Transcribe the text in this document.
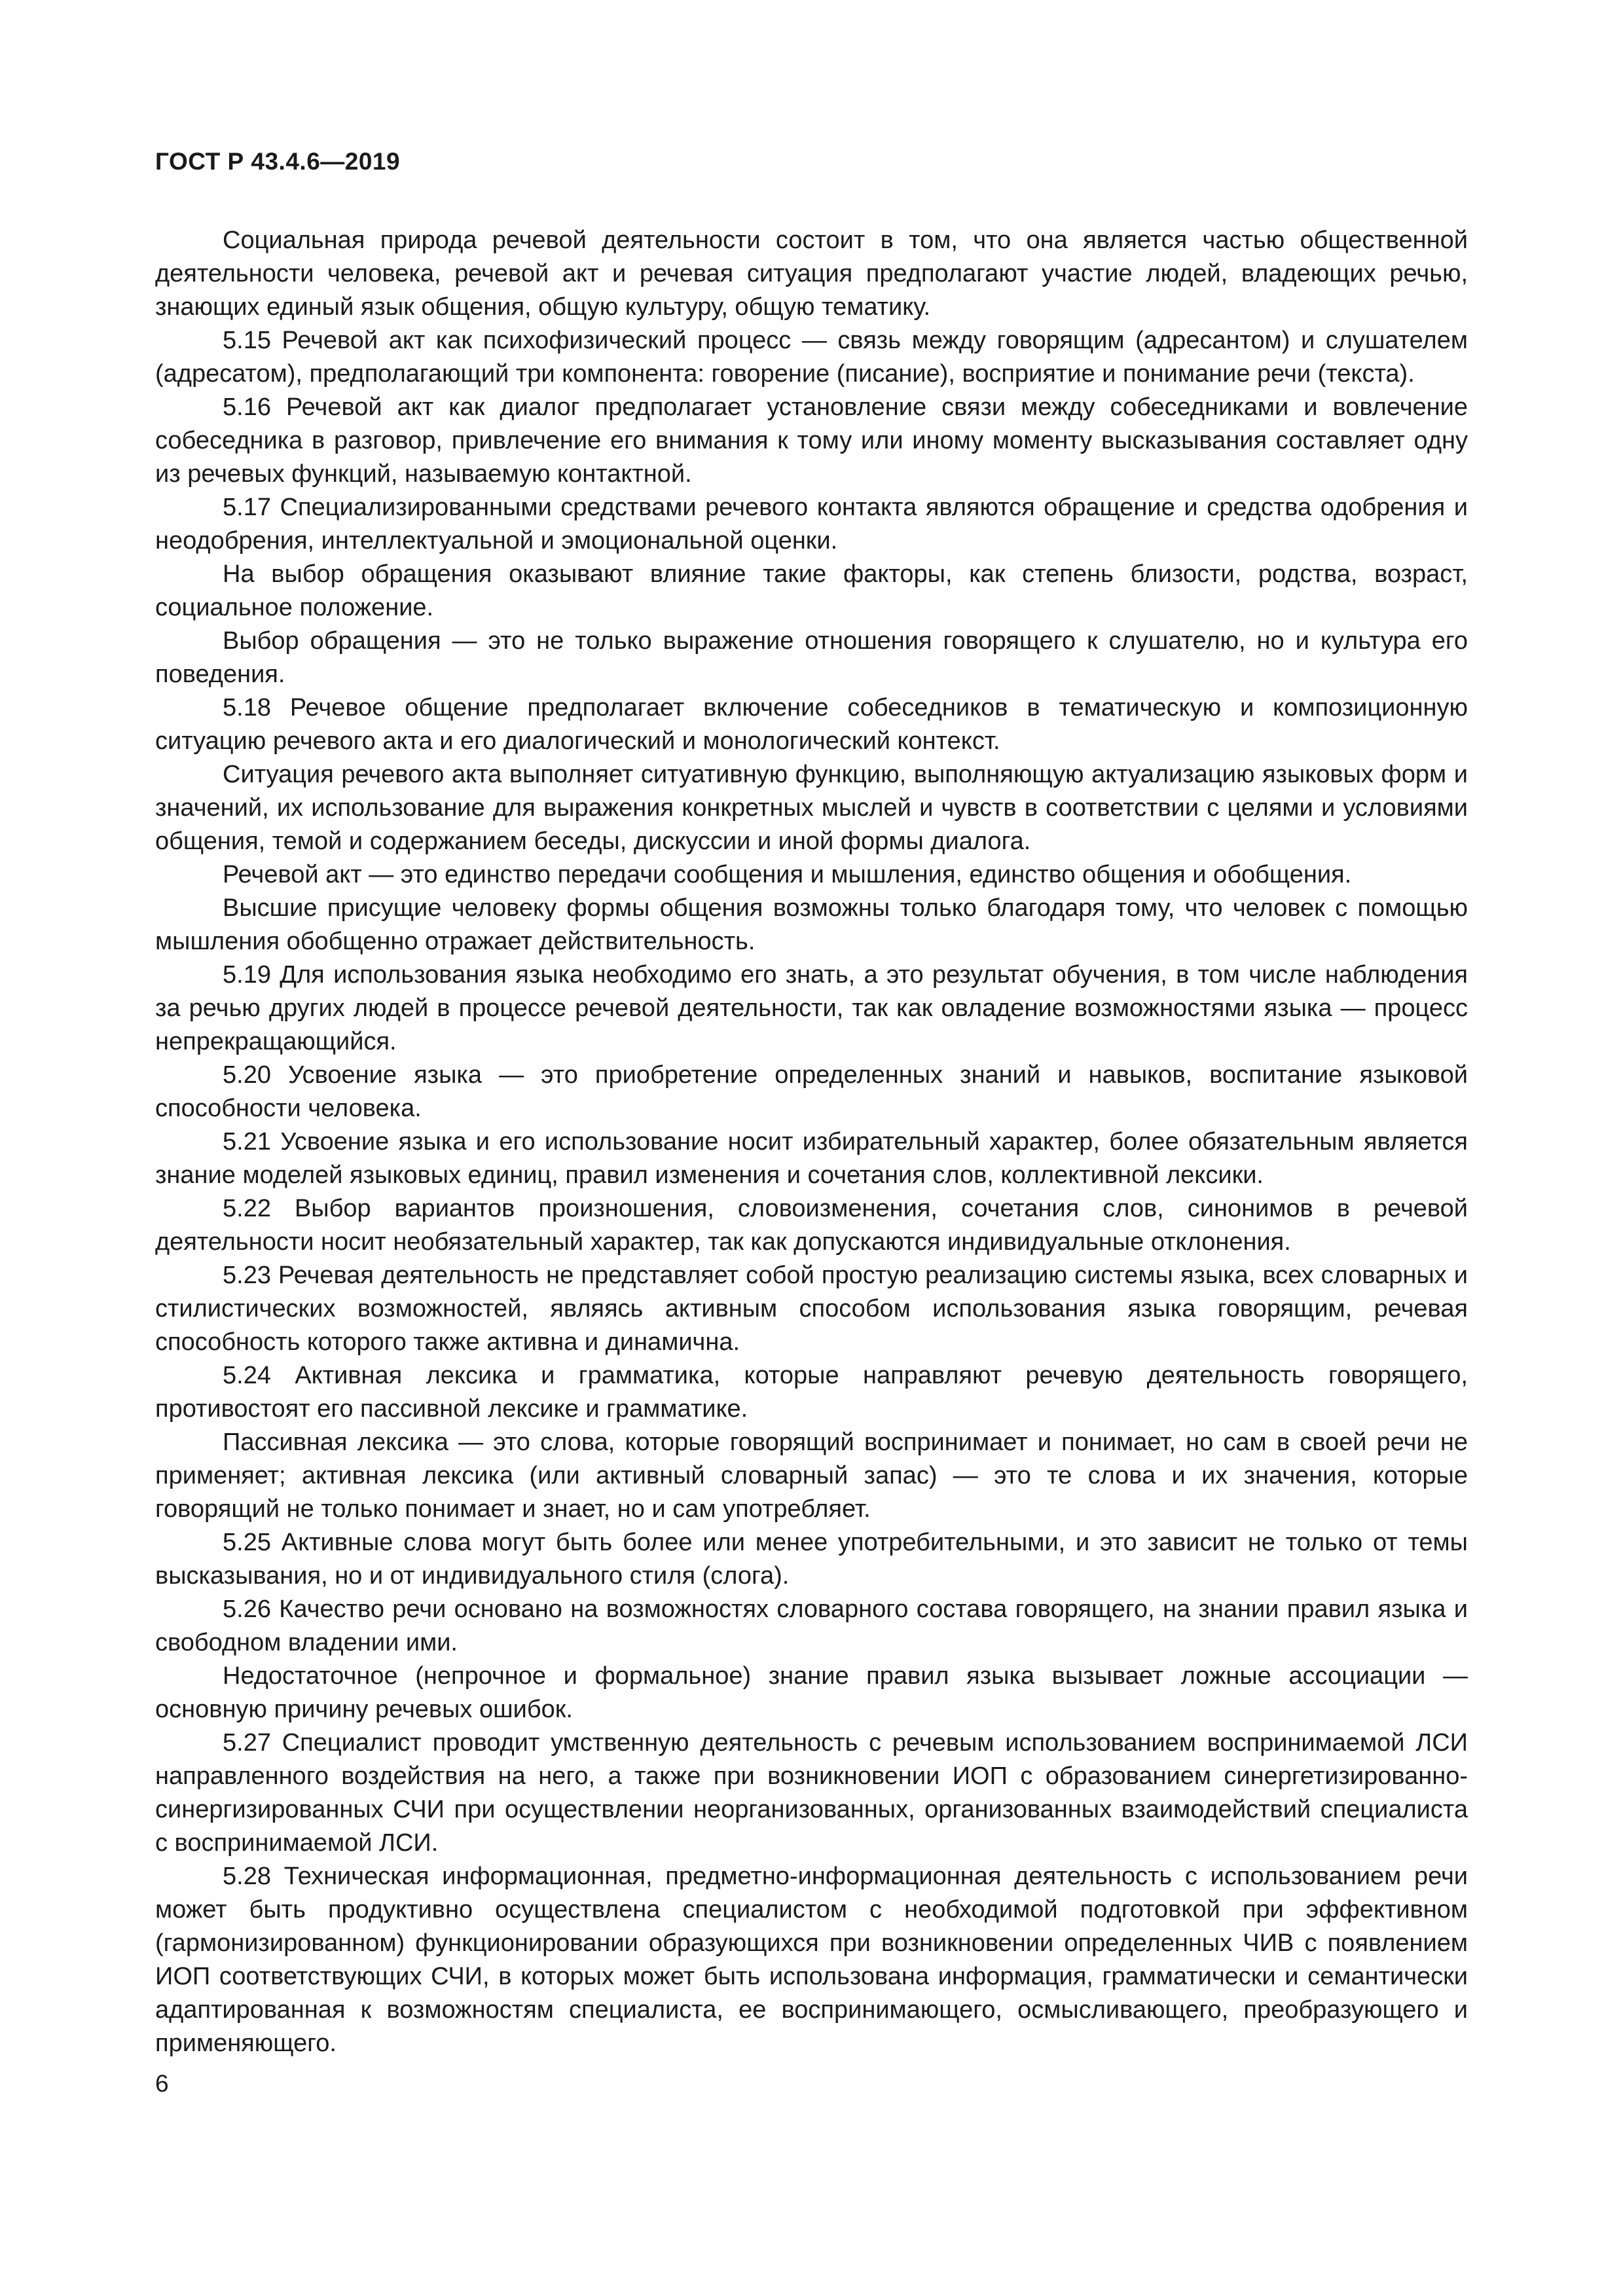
ГОСТ Р 43.4.6—2019

Социальная природа речевой деятельности состоит в том, что она является частью общественной деятельности человека, речевой акт и речевая ситуация предполагают участие людей, владеющих речью, знающих единый язык общения, общую культуру, общую тематику.

5.15 Речевой акт как психофизический процесс — связь между говорящим (адресантом) и слушателем (адресатом), предполагающий три компонента: говорение (писание), восприятие и понимание речи (текста).

5.16 Речевой акт как диалог предполагает установление связи между собеседниками и вовлечение собеседника в разговор, привлечение его внимания к тому или иному моменту высказывания составляет одну из речевых функций, называемую контактной.

5.17 Специализированными средствами речевого контакта являются обращение и средства одобрения и неодобрения, интеллектуальной и эмоциональной оценки.

На выбор обращения оказывают влияние такие факторы, как степень близости, родства, возраст, социальное положение.

Выбор обращения — это не только выражение отношения говорящего к слушателю, но и культура его поведения.

5.18 Речевое общение предполагает включение собеседников в тематическую и композиционную ситуацию речевого акта и его диалогический и монологический контекст.

Ситуация речевого акта выполняет ситуативную функцию, выполняющую актуализацию языковых форм и значений, их использование для выражения конкретных мыслей и чувств в соответствии с целями и условиями общения, темой и содержанием беседы, дискуссии и иной формы диалога.

Речевой акт — это единство передачи сообщения и мышления, единство общения и обобщения.

Высшие присущие человеку формы общения возможны только благодаря тому, что человек с помощью мышления обобщенно отражает действительность.

5.19 Для использования языка необходимо его знать, а это результат обучения, в том числе наблюдения за речью других людей в процессе речевой деятельности, так как овладение возможностями языка — процесс непрекращающийся.

5.20 Усвоение языка — это приобретение определенных знаний и навыков, воспитание языковой способности человека.

5.21 Усвоение языка и его использование носит избирательный характер, более обязательным является знание моделей языковых единиц, правил изменения и сочетания слов, коллективной лексики.

5.22 Выбор вариантов произношения, словоизменения, сочетания слов, синонимов в речевой деятельности носит необязательный характер, так как допускаются индивидуальные отклонения.

5.23 Речевая деятельность не представляет собой простую реализацию системы языка, всех словарных и стилистических возможностей, являясь активным способом использования языка говорящим, речевая способность которого также активна и динамична.

5.24 Активная лексика и грамматика, которые направляют речевую деятельность говорящего, противостоят его пассивной лексике и грамматике.

Пассивная лексика — это слова, которые говорящий воспринимает и понимает, но сам в своей речи не применяет; активная лексика (или активный словарный запас) — это те слова и их значения, которые говорящий не только понимает и знает, но и сам употребляет.

5.25 Активные слова могут быть более или менее употребительными, и это зависит не только от темы высказывания, но и от индивидуального стиля (слога).

5.26 Качество речи основано на возможностях словарного состава говорящего, на знании правил языка и свободном владении ими.

Недостаточное (непрочное и формальное) знание правил языка вызывает ложные ассоциации — основную причину речевых ошибок.

5.27 Специалист проводит умственную деятельность с речевым использованием воспринимаемой ЛСИ направленного воздействия на него, а также при возникновении ИОП с образованием синергетизированно-синергизированных СЧИ при осуществлении неорганизованных, организованных взаимодействий специалиста с воспринимаемой ЛСИ.

5.28 Техническая информационная, предметно-информационная деятельность с использованием речи может быть продуктивно осуществлена специалистом с необходимой подготовкой при эффективном (гармонизированном) функционировании образующихся при возникновении определенных ЧИВ с появлением ИОП соответствующих СЧИ, в которых может быть использована информация, грамматически и семантически адаптированная к возможностям специалиста, ее воспринимающего, осмысливающего, преобразующего и применяющего.

6
